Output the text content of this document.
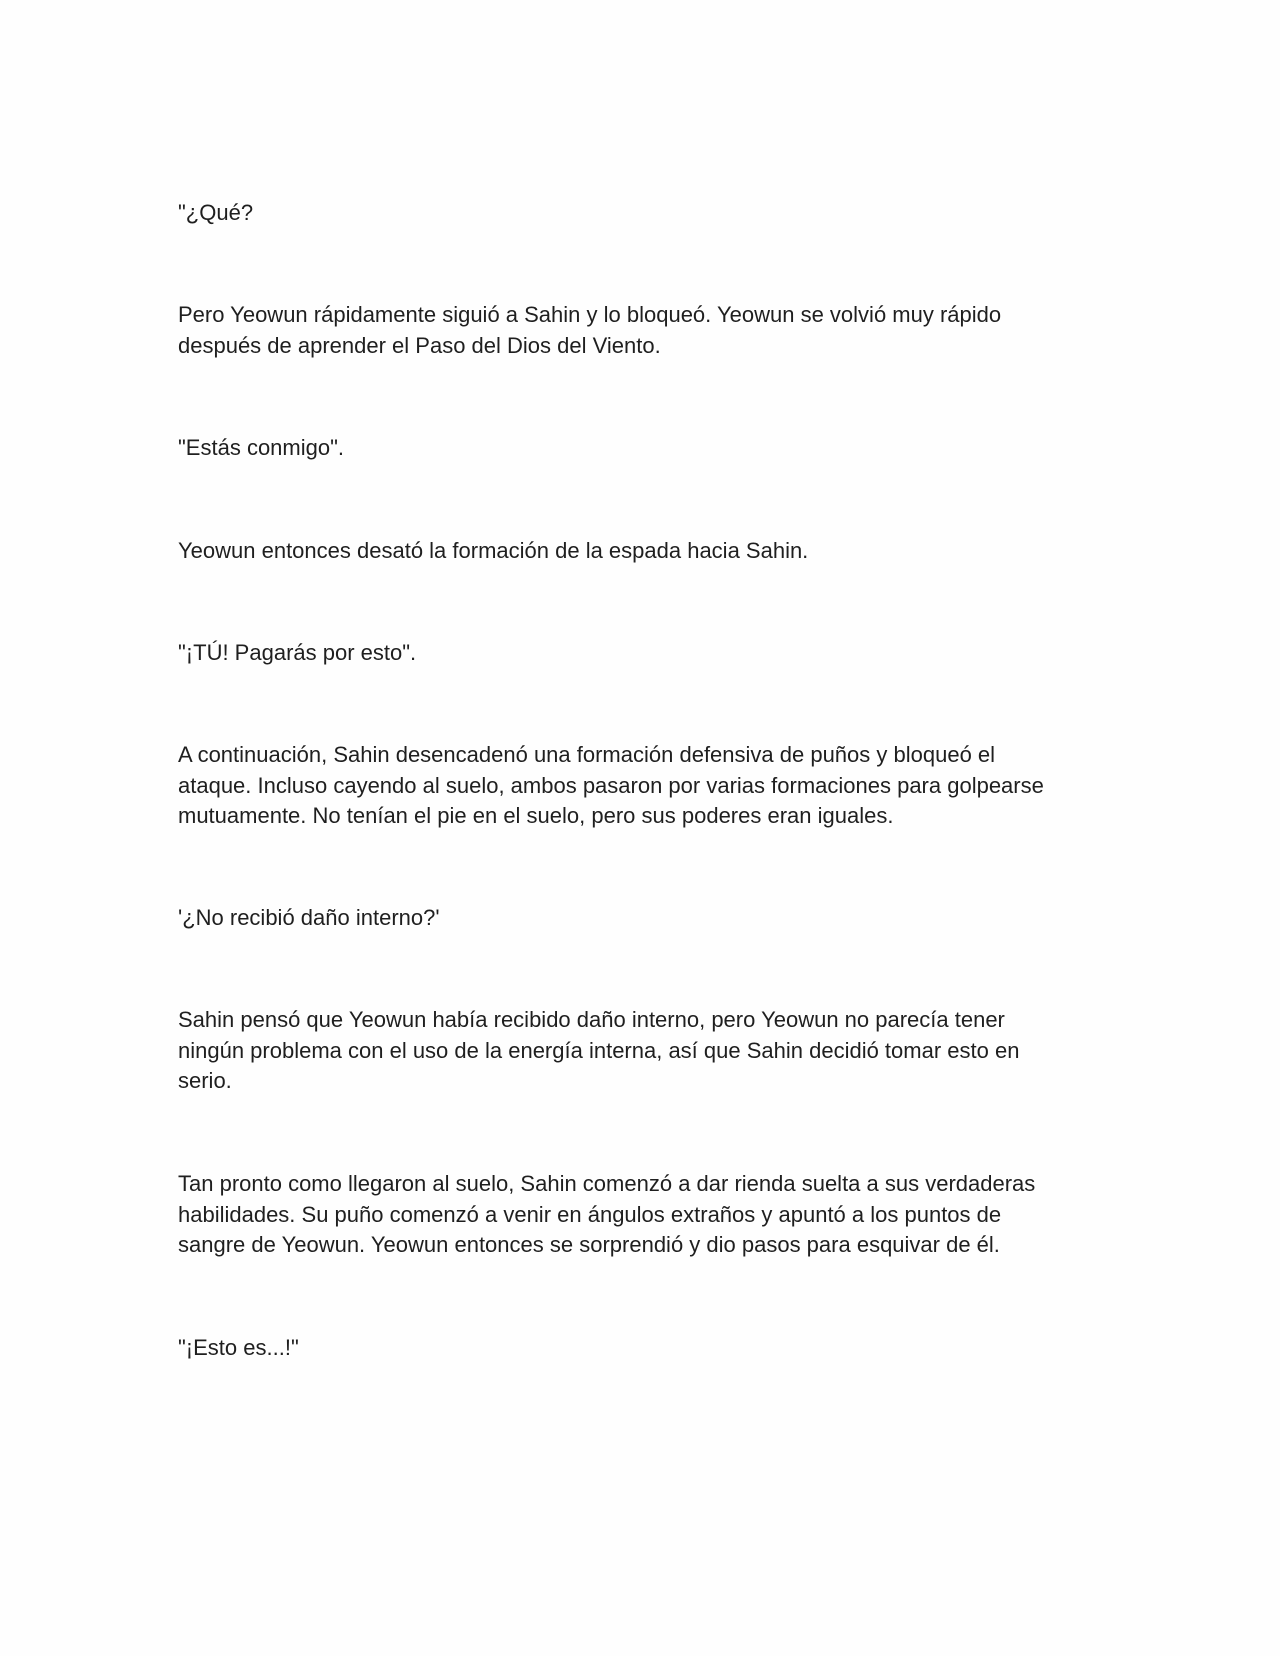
"¿Qué?

Pero Yeowun rápidamente siguió a Sahin y lo bloqueó. Yeowun se volvió muy rápido
después de aprender el Paso del Dios del Viento.

"Estás conmigo".

Yeowun entonces desató la formación de la espada hacia Sahin.

"¡TÚ! Pagarás por esto".

A continuación, Sahin desencadenó una formación defensiva de puños y bloqueó el
ataque. Incluso cayendo al suelo, ambos pasaron por varias formaciones para golpearse
mutuamente. No tenían el pie en el suelo, pero sus poderes eran iguales.

'¿No recibió daño interno?'

Sahin pensó que Yeowun había recibido daño interno, pero Yeowun no parecía tener
ningún problema con el uso de la energía interna, así que Sahin decidió tomar esto en
serio.

Tan pronto como llegaron al suelo, Sahin comenzó a dar rienda suelta a sus verdaderas
habilidades. Su puño comenzó a venir en ángulos extraños y apuntó a los puntos de
sangre de Yeowun. Yeowun entonces se sorprendió y dio pasos para esquivar de él.

"¡Esto es...!"
